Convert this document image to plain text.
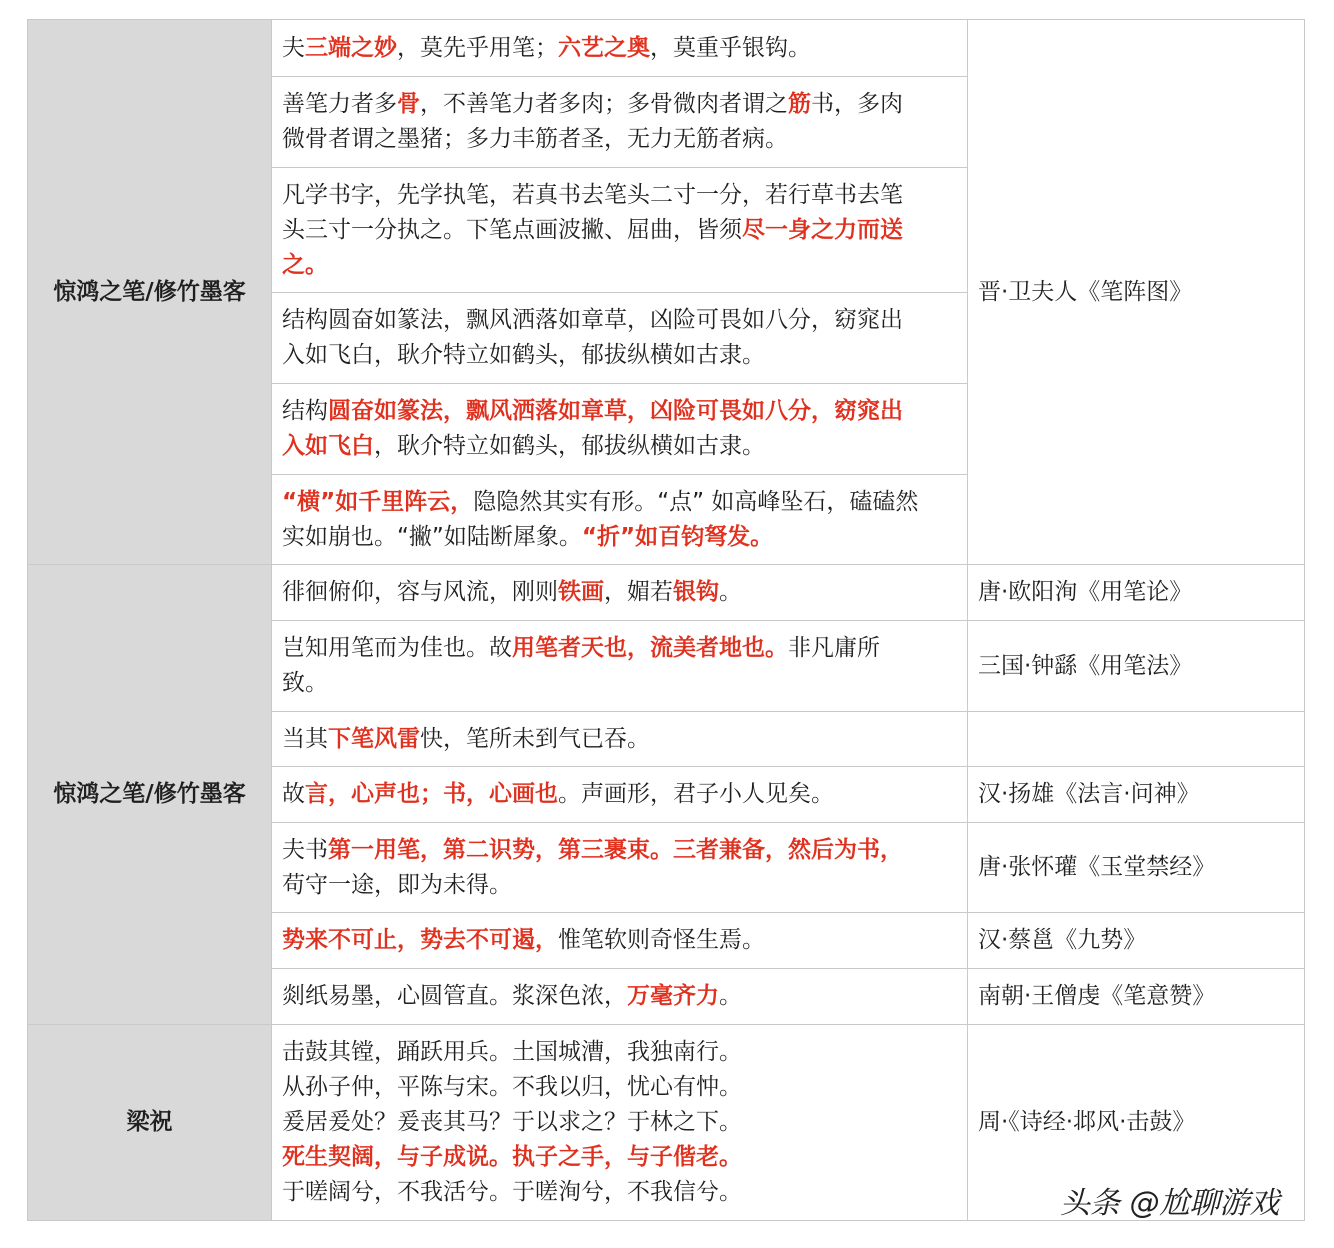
惊鸿之笔/修竹墨客	夫三端之妙，莫先乎用笔；六艺之奥，莫重乎银钩。	晋·卫夫人《笔阵图》

	善笔力者多骨，不善笔力者多肉；多骨微肉者谓之筋书，多肉
微骨者谓之墨猪；多力丰筋者圣，无力无筋者病。	

	凡学书字，先学执笔，若真书去笔头二寸一分，若行草书去笔
头三寸一分执之。下笔点画波撇、屈曲，皆须尽一身之力而送
之。	

	结构圆奋如篆法，飘风洒落如章草，凶险可畏如八分，窈窕出
入如飞白，耿介特立如鹤头，郁拔纵横如古隶。	

	结构圆奋如篆法，飘风洒落如章草，凶险可畏如八分，窈窕出
入如飞白，耿介特立如鹤头，郁拔纵横如古隶。	

	“横”如千里阵云，隐隐然其实有形。“点” 如高峰坠石，磕磕然
实如崩也。“撇”如陆断犀象。“折”如百钧弩发。	

惊鸿之笔/修竹墨客	徘徊俯仰，容与风流，刚则铁画，媚若银钩。	唐·欧阳洵《用笔论》

	岂知用笔而为佳也。故用笔者天也，流美者地也。非凡庸所
致。	三国·钟繇《用笔法》

	当其下笔风雷快，笔所未到气已吞。	

	故言，心声也；书，心画也。声画形，君子小人见矣。	汉·扬雄《法言·问神》

	夫书第一用笔，第二识势，第三裹束。三者兼备，然后为书，
苟守一途，即为未得。	唐·张怀瓘《玉堂禁经》

	势来不可止，势去不可遏，惟笔软则奇怪生焉。	汉·蔡邕《九势》

	剡纸易墨，心圆管直。浆深色浓，万毫齐力。	南朝·王僧虔《笔意赞》
梁祝	击鼓其镗，踊跃用兵。土国城漕，我独南行。
从孙子仲，平陈与宋。不我以归，忧心有忡。
爰居爰处？爰丧其马？于以求之？于林之下。
死生契阔，与子成说。执子之手，与子偕老。
于嗟阔兮，不我活兮。于嗟洵兮，不我信兮。	周·《诗经·邶风·击鼓》
头条 @尬聊游戏
